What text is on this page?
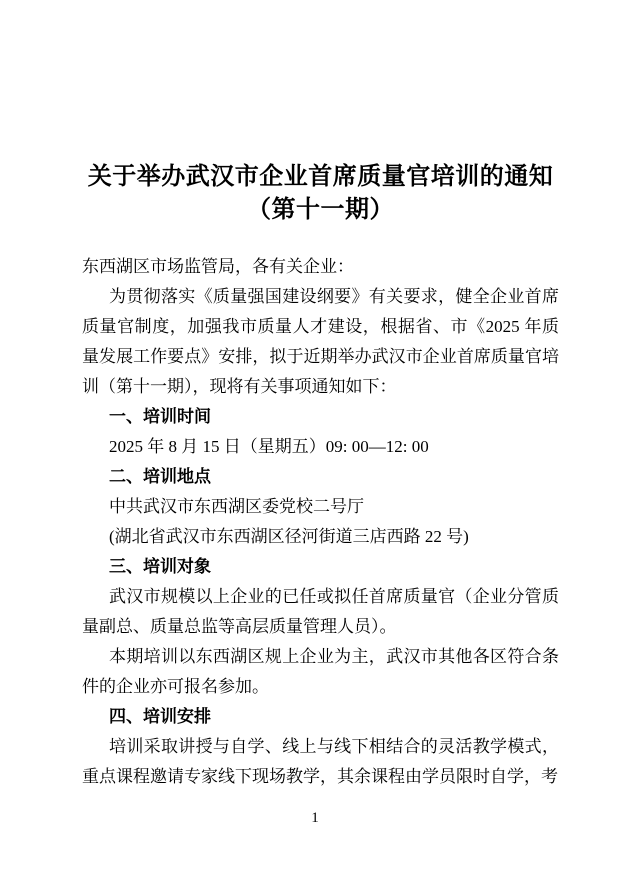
关于举办武汉市企业首席质量官培训的通知
（第十一期）

东西湖区市场监管局，各有关企业：

为贯彻落实《质量强国建设纲要》有关要求，健全企业首席质量官制度，加强我市质量人才建设，根据省、市《2025 年质量发展工作要点》安排，拟于近期举办武汉市企业首席质量官培训（第十一期），现将有关事项通知如下：

一、培训时间

2025 年 8 月 15 日（星期五）09: 00—12: 00

二、培训地点

中共武汉市东西湖区委党校二号厅

(湖北省武汉市东西湖区径河街道三店西路 22 号)

三、培训对象

武汉市规模以上企业的已任或拟任首席质量官（企业分管质量副总、质量总监等高层质量管理人员）。

本期培训以东西湖区规上企业为主，武汉市其他各区符合条件的企业亦可报名参加。

四、培训安排

培训采取讲授与自学、线上与线下相结合的灵活教学模式，重点课程邀请专家线下现场教学，其余课程由学员限时自学，考

1
